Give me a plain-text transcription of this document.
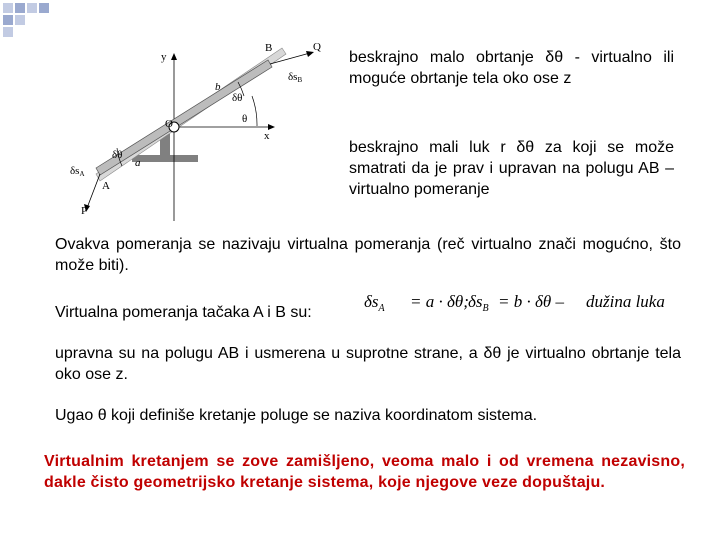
B	Q
y
δsB
b
δθ
θ
O
x
δθ
a
δsA
A
P
beskrajno malo obrtanje δθ - virtualno ili moguće obrtanje tela oko ose z
beskrajno mali luk r δθ za koji se može smatrati da je prav i upravan na polugu AB – virtualno pomeranje
Ovakva pomeranja se nazivaju virtualna pomeranja (reč virtualno znači mogućno, što može biti).
Virtualna pomeranja tačaka A i B su:
$\delta s_A = a \cdot \delta\theta$; $\delta s_B = b \cdot \delta\theta$ – dužina luka
upravna su na polugu AB i usmerena u suprotne strane, a δθ je virtualno obrtanje tela oko ose z.
Ugao θ koji definiše kretanje poluge se naziva koordinatom sistema.
Virtualnim kretanjem se zove zamišljeno, veoma malo i od vremena nezavisno, dakle čisto geometrijsko kretanje sistema, koje njegove veze dopuštaju.
